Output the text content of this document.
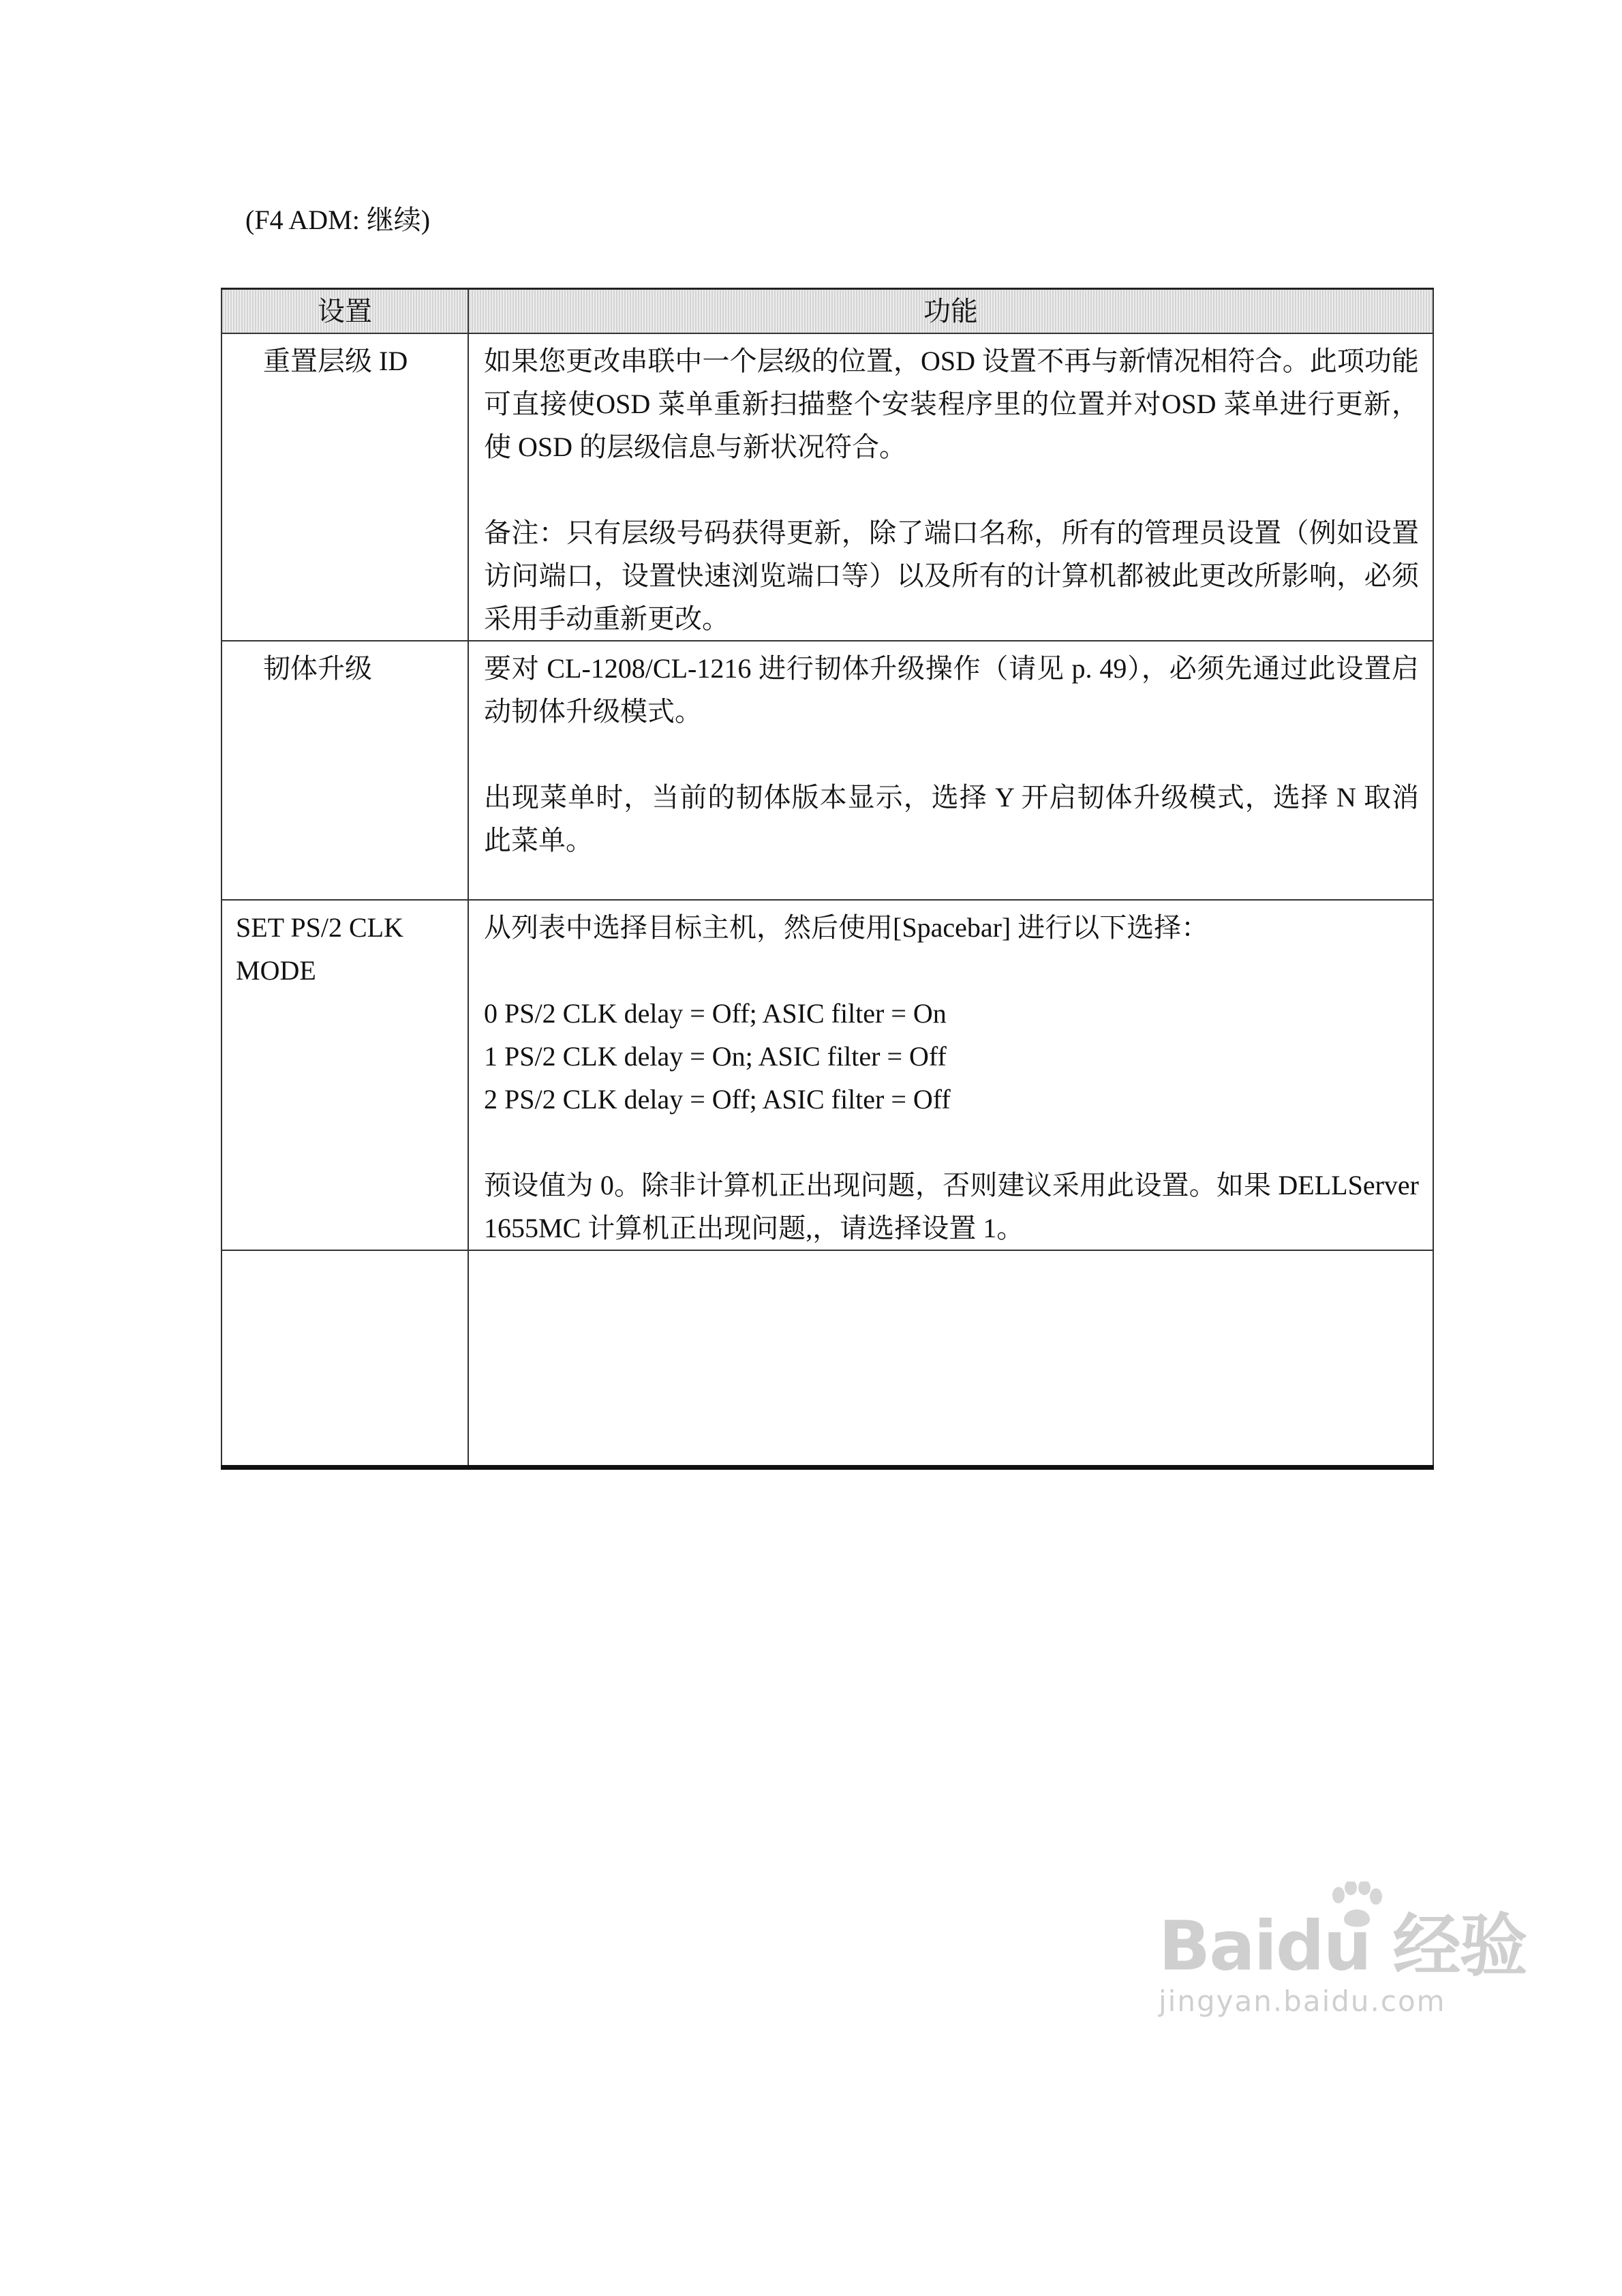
(F4 ADM: 继续)
设置	功能

重置层级 ID	如果您更改串联中一个层级的位置，OSD 设置不再与新情况相符合。此项功能可直接使OSD 菜单重新扫描整个安装程序里的位置并对OSD 菜单进行更新，使 OSD 的层级信息与新状况符合。
备注：只有层级号码获得更新，除了端口名称，所有的管理员设置（例如设置访问端口，设置快速浏览端口等）以及所有的计算机都被此更改所影响，必须采用手动重新更改。

韧体升级	要对 CL-1208/CL-1216 进行韧体升级操作（请见 p. 49），必须先通过此设置启动韧体升级模式。
出现菜单时，当前的韧体版本显示，选择 Y 开启韧体升级模式，选择 N 取消此菜单。

SET PS/2 CLK MODE	从列表中选择目标主机，然后使用[Spacebar] 进行以下选择：
0 PS/2 CLK delay = Off; ASIC filter = On
1 PS/2 CLK delay = On; ASIC filter = Off
2 PS/2 CLK delay = Off; ASIC filter = Off
预设值为 0。除非计算机正出现问题，否则建议采用此设置。如果 DELLServer 1655MC 计算机正出现问题,，请选择设置 1。

Baidu 经验
jingyan.baidu.com
